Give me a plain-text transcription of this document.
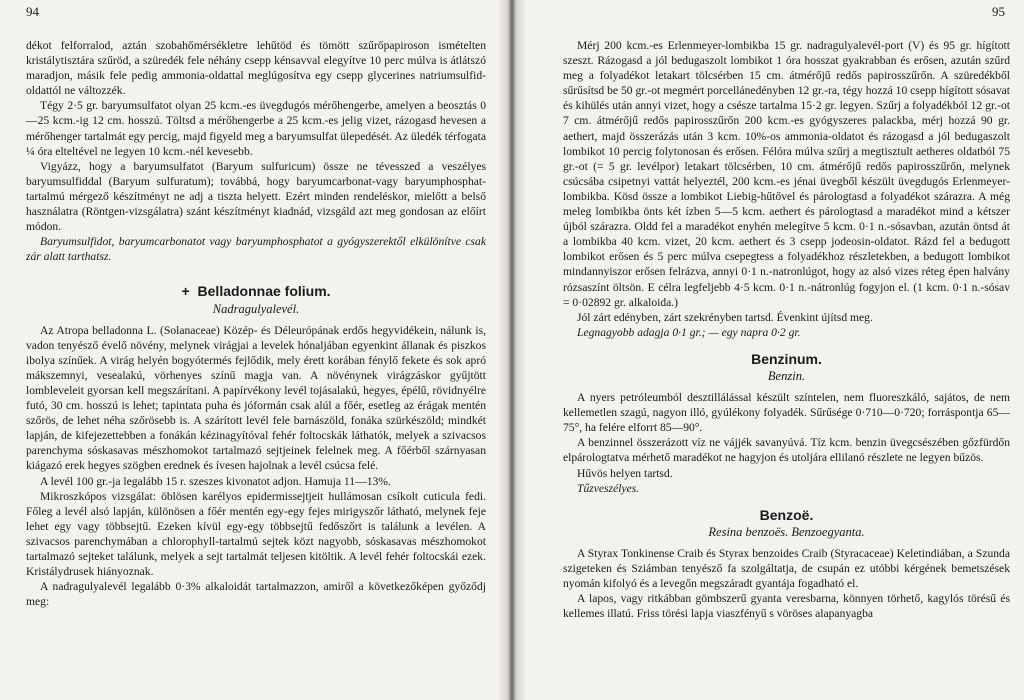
94	95

dékot felforralod, aztán szobahőmérsékletre lehűtöd és tömött szűrőpapiroson ismételten kristálytisztára szűröd, a szüredék fele néhány csepp kénsavval elegyítve 10 perc múlva is átlátszó maradjon, másik fele pedig ammonia-oldattal meglúgosítva egy csepp glycerines natriumsulfid-oldattól ne változzék.

Tégy 2·5 gr. baryumsulfatot olyan 25 kcm.-es üvegdugós mérőhengerbe, amelyen a beosztás 0—25 kcm.-ig 12 cm. hosszú. Töltsd a mérőhengerbe a 25 kcm.-es jelig vizet, rázogasd hevesen a mérőhenger tartalmát egy percig, majd figyeld meg a baryumsulfat ülepedését. Az üledék térfogata ¼ óra elteltével ne legyen 10 kcm.-nél kevesebb.

Vigyázz, hogy a baryumsulfatot (Baryum sulfuricum) össze ne tévesszed a veszélyes baryumsulfiddal (Baryum sulfuratum); továbbá, hogy baryumcarbonat-vagy baryumphosphat-tartalmú mérgező készítményt ne adj a tiszta helyett. Ezért minden rendeléskor, mielőtt a belső használatra (Röntgen-vizsgálatra) szánt készítményt kiadnád, vizsgáld azt meg gondosan az előírt módon.

Baryumsulfidot, baryumcarbonatot vagy baryumphosphatot a gyógyszerektől elkülönítve csak zár alatt tarthatsz.

+ Belladonnae folium.
Nadragulyalevél.

Az Atropa belladonna L. (Solanaceae) Közép- és Déleurópának erdős hegyvidékein, nálunk is, vadon tenyésző évelő növény, melynek virágjai a levelek hónaljában egyenkint állanak és piszkos ibolya színűek. A virág helyén bogyótermés fejlődik, mely érett korában fénylő fekete és sok apró mákszemnyi, vesealakú, vörhenyes színű magja van. A növénynek virágzáskor gyűjtött lombleveleit gyorsan kell megszárítani. A papírvékony levél tojásalakú, hegyes, épélű, rövidnyélre futó, 30 cm. hosszú is lehet; tapintata puha és jóformán csak alúl a főér, esetleg az érágak mentén szőrös, de lehet néha szőrösebb is. A szárított levél fele barnászöld, fonáka szürkészöld; mindkét lapján, de kifejezettebben a fonákán kézinagyítóval fehér foltocskák láthatók, melyek a szivacsos parenchyma sóskasavas mészhomokot tartalmazó sejtjeinek felelnek meg. A főérből szárnyasan kiágazó erek hegyes szögben erednek és ívesen hajolnak a levél csúcsa felé.

A levél 100 gr.-ja legalább 15 r. szeszes kivonatot adjon. Hamuja 11—13%.

Mikroszkópos vizsgálat: öblösen karélyos epidermissejtjeit hullámosan csíkolt cuticula fedi. Főleg a levél alsó lapján, különösen a főér mentén egy-egy fejes mirigyszőr látható, melynek feje lehet egy vagy többsejtű. Ezeken kívül egy-egy többsejtű fedőszőrt is találunk a levélen. A szivacsos parenchymában a chlorophyll-tartalmú sejtek közt nagyobb, sóskasavas mészhomokot tartalmazó sejteket találunk, melyek a sejt tartalmát teljesen kitöltik. A levél fehér foltocskái ezek. Kristálydrusek hiányoznak.

A nadragulyalevél legalább 0·3% alkaloidát tartalmazzon, amiről a következőképen győződj meg:

Mérj 200 kcm.-es Erlenmeyer-lombikba 15 gr. nadragulyalevél-port (V) és 95 gr. hígított szeszt. Rázogasd a jól bedugaszolt lombikot 1 óra hosszat gyakrabban és erősen, azután szűrd meg a folyadékot letakart tölcsérben 15 cm. átmérőjű redős papirosszűrőn. A szüredékből sűrűsítsd be 50 gr.-ot megmért porcellánedényben 12 gr.-ra, tégy hozzá 10 csepp hígított sósavat és kihülés után annyi vizet, hogy a csésze tartalma 15·2 gr. legyen. Szűrj a folyadékból 12 gr.-ot 7 cm. átmérőjű redős papirosszűrőn 200 kcm.-es gyógyszeres palackba, mérj hozzá 90 gr. aethert, majd összerázás után 3 kcm. 10%-os ammonia-oldatot és rázogasd a jól bedugaszolt lombikot 10 percig folytonosan és erősen. Félóra múlva szűrj a megtisztult aetheres oldatból 75 gr.-ot (= 5 gr. levélpor) letakart tölcsérben, 10 cm. átmérőjű redős papirosszűrőn, melynek csúcsába csipetnyi vattát helyeztél, 200 kcm.-es jénai üvegből készült üvegdugós Erlenmeyer-lombikba. Kösd össze a lombikot Liebig-hűtővel és párologtasd a folyadékot szárazra. A még meleg lombikba önts két ízben 5—5 kcm. aethert és párologtasd a maradékot mind a kétszer újból szárazra. Oldd fel a maradékot enyhén melegítve 5 kcm. 0·1 n.-sósavban, azután öntsd át a lombikba 40 kcm. vizet, 20 kcm. aethert és 3 csepp jodeosin-oldatot. Rázd fel a bedugott lombikot erősen és 5 perc múlva csepegtess a folyadékhoz részletekben, a bedugott lombikot mindannyiszor erősen felrázva, annyi 0·1 n.-natronlúgot, hogy az alsó vizes réteg épen halvány rózsaszínt öltsön. E célra legfeljebb 4·5 kcm. 0·1 n.-nátronlúg fogyjon el. (1 kcm. 0·1 n.-sósav = 0·02892 gr. alkaloida.)

Jól zárt edényben, zárt szekrényben tartsd. Évenkint újítsd meg.

Legnagyobb adagja 0·1 gr.; — egy napra 0·2 gr.

Benzinum.
Benzin.

A nyers petróleumból desztillálással készült színtelen, nem fluoreszkáló, sajátos, de nem kellemetlen szagú, nagyon illó, gyúlékony folyadék. Sűrűsége 0·710—0·720; forráspontja 65—75°, ha felére elforrt 85—90°.

A benzinnel összerázott víz ne vájjék savanyúvá. Tíz kcm. benzin üvegcsészében gőzfürdőn elpárologtatva mérhető maradékot ne hagyjon és utoljára ellilanó részlete ne legyen bűzös.

Hűvös helyen tartsd.

Tűzveszélyes.

Benzoë.
Resina benzoës. Benzoegyanta.

A Styrax Tonkinense Craib és Styrax benzoides Craib (Styracaceae) Keletindiában, a Szunda szigeteken és Sziámban tenyésző fa szolgáltatja, de csupán ez utóbbi kérgének bemetszések nyomán kifolyó és a levegőn megszáradt gyantája fogadható el.

A lapos, vagy ritkábban gömbszerű gyanta veresbarna, könnyen törhető, kagylós törésű és kellemes illatú. Friss törési lapja viaszfényű s vöröses alapanyagba
